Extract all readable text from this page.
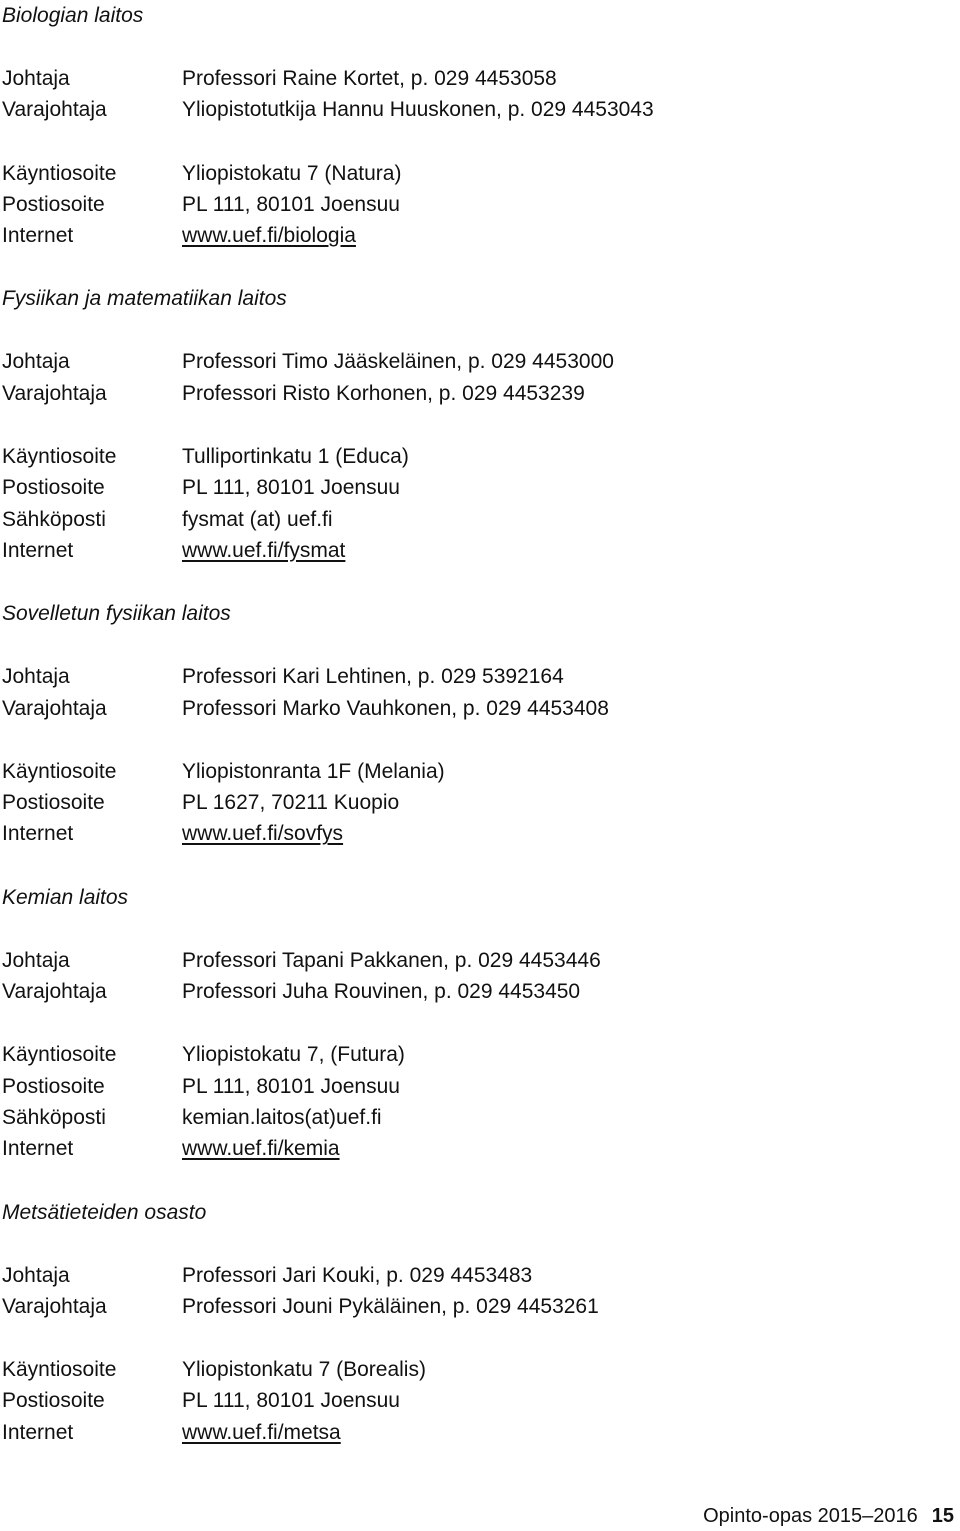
Biologian laitos
Johtaja	Professori Raine Kortet, p. 029 4453058
Varajohtaja	Yliopistotutkija Hannu Huuskonen, p. 029 4453043
Käyntiosoite	Yliopistokatu 7 (Natura)
Postiosoite	PL 111, 80101 Joensuu
Internet	www.uef.fi/biologia
Fysiikan ja matematiikan laitos
Johtaja	Professori Timo Jääskeläinen, p. 029 4453000
Varajohtaja	Professori Risto Korhonen, p. 029 4453239
Käyntiosoite	Tulliportinkatu 1 (Educa)
Postiosoite	PL 111, 80101 Joensuu
Sähköposti	fysmat (at) uef.fi
Internet	www.uef.fi/fysmat
Sovelletun fysiikan laitos
Johtaja	Professori Kari Lehtinen, p. 029 5392164
Varajohtaja	Professori Marko Vauhkonen, p. 029 4453408
Käyntiosoite	Yliopistonranta 1F (Melania)
Postiosoite	PL 1627, 70211 Kuopio
Internet	www.uef.fi/sovfys
Kemian laitos
Johtaja	Professori Tapani Pakkanen, p. 029 4453446
Varajohtaja	Professori Juha Rouvinen, p. 029 4453450
Käyntiosoite	Yliopistokatu 7, (Futura)
Postiosoite	PL 111, 80101 Joensuu
Sähköposti	kemian.laitos(at)uef.fi
Internet	www.uef.fi/kemia
Metsätieteiden osasto
Johtaja	Professori Jari Kouki, p. 029 4453483
Varajohtaja	Professori Jouni Pykäläinen, p. 029 4453261
Käyntiosoite	Yliopistonkatu 7 (Borealis)
Postiosoite	PL 111, 80101 Joensuu
Internet	www.uef.fi/metsa
Opinto-opas 2015–2016 15
